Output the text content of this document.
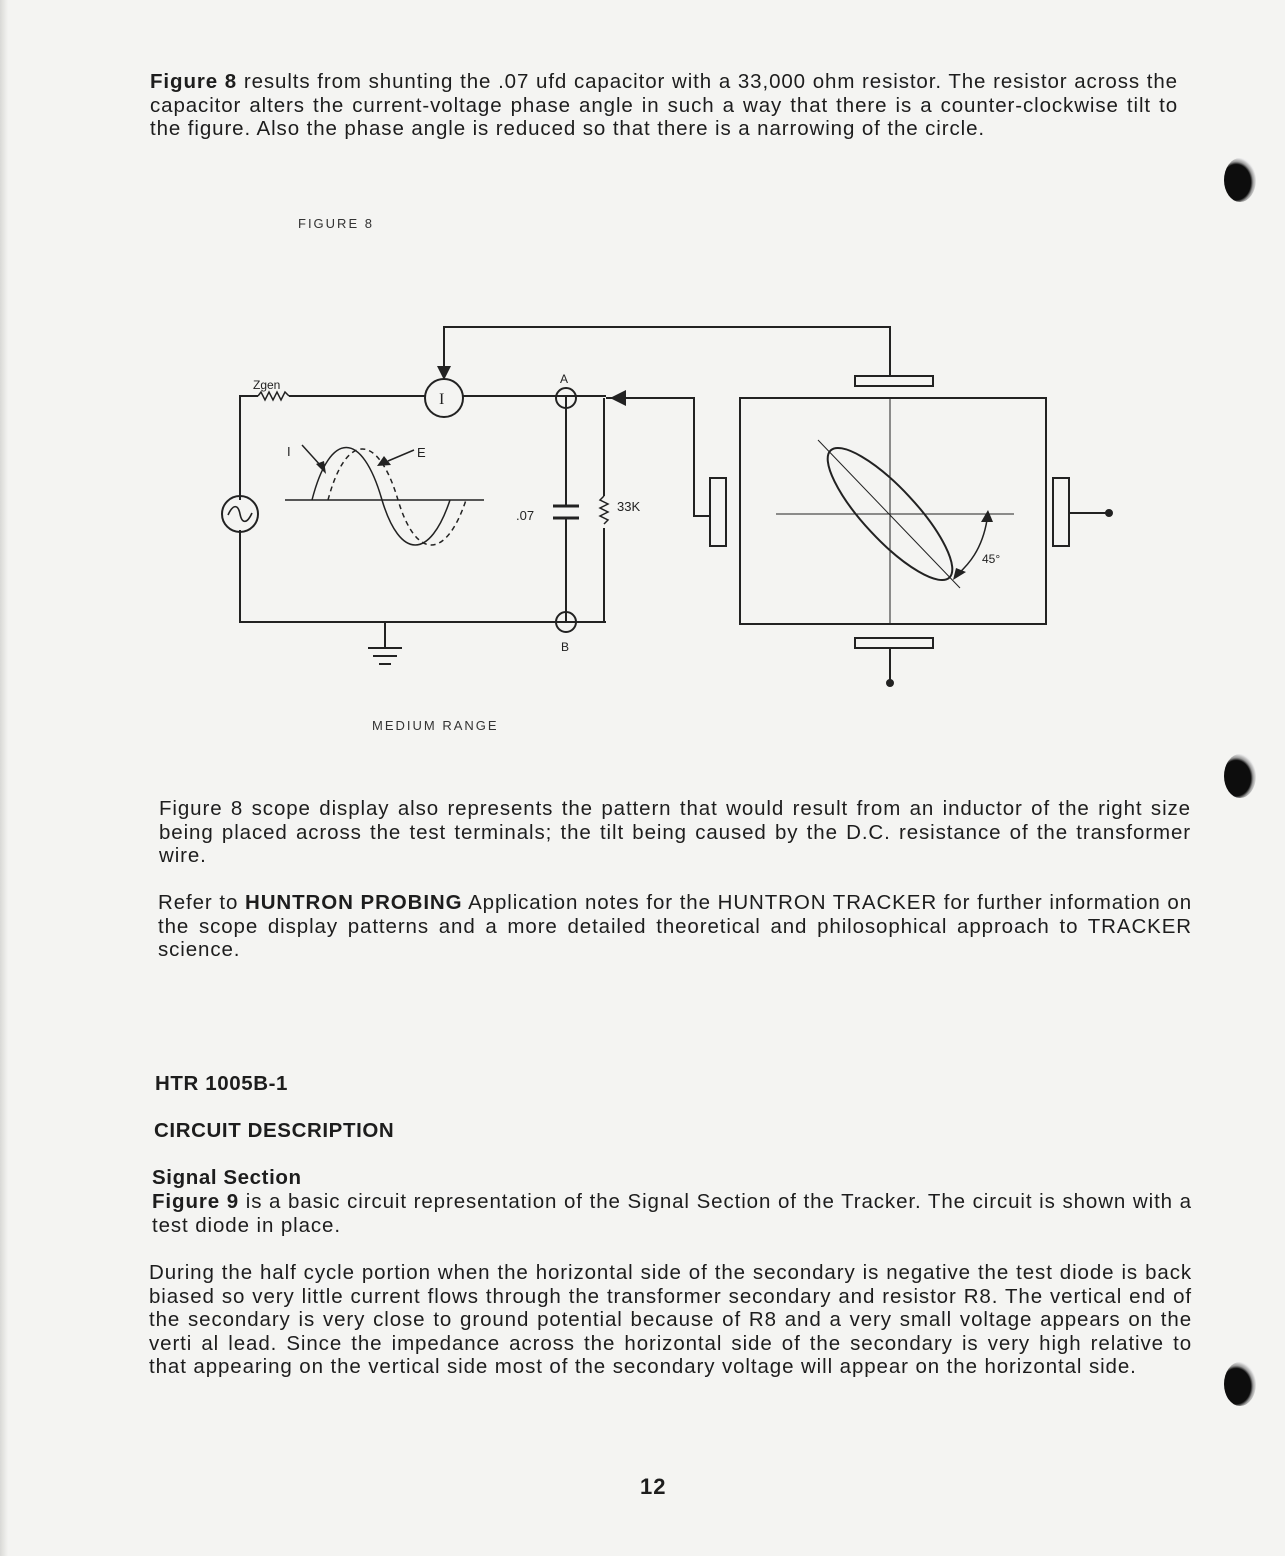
Figure 8 results from shunting the .07 ufd capacitor with a 33,000 ohm resistor. The resistor across the capacitor alters the current-voltage phase angle in such a way that there is a counter-clockwise tilt to the figure. Also the phase angle is reduced so that there is a narrowing of the circle.

FIGURE 8

Zgen
I
I	E
A
B
.07
33K
45°

MEDIUM RANGE

Figure 8 scope display also represents the pattern that would result from an inductor of the right size being placed across the test terminals; the tilt being caused by the D.C. resistance of the transformer wire.

Refer to HUNTRON PROBING Application notes for the HUNTRON TRACKER for further information on the scope display patterns and a more detailed theoretical and philosophical approach to TRACKER science.

HTR 1005B-1

CIRCUIT DESCRIPTION

Signal Section

Figure 9 is a basic circuit representation of the Signal Section of the Tracker. The circuit is shown with a test diode in place.

During the half cycle portion when the horizontal side of the secondary is negative the test diode is back biased so very little current flows through the transformer secondary and resistor R8. The vertical end of the secondary is very close to ground potential because of R8 and a very small voltage appears on the verti al lead. Since the impedance across the horizontal side of the secondary is very high relative to that appearing on the vertical side most of the secondary voltage will appear on the horizontal side.

12
